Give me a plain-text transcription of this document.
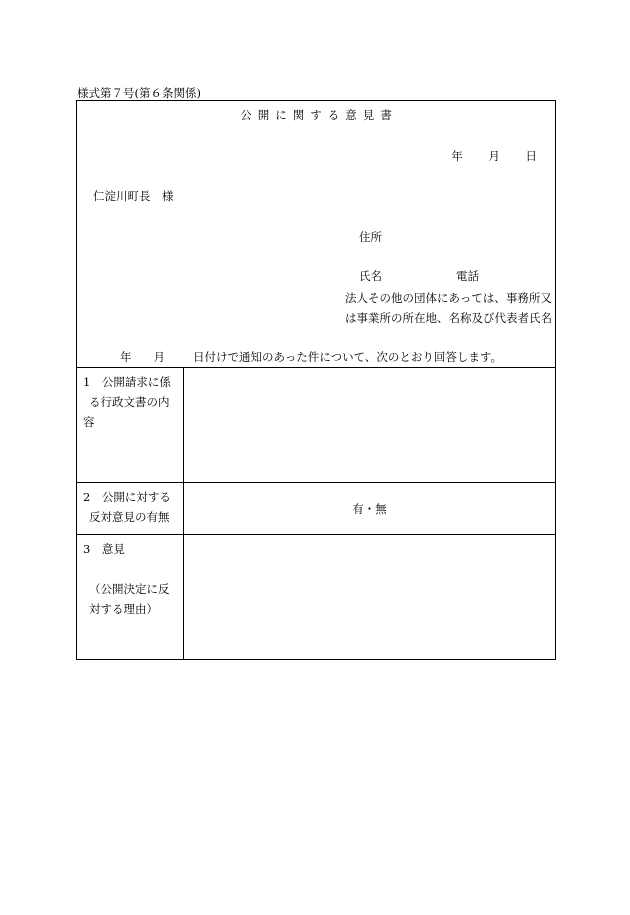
様式第７号(第６条関係)
公開に関する意見書
年 月 日
仁淀川町長　様
住所
氏名	電話
法人その他の団体にあっては、事務所又は事業所の所在地、名称及び代表者氏名
年 月 日付けで通知のあった件について、次のとおり回答します。
1　公開請求に係
る行政文書の内容
2　公開に対する
反対意見の有無
有・無
3　意見
（公開決定に反対する理由）
